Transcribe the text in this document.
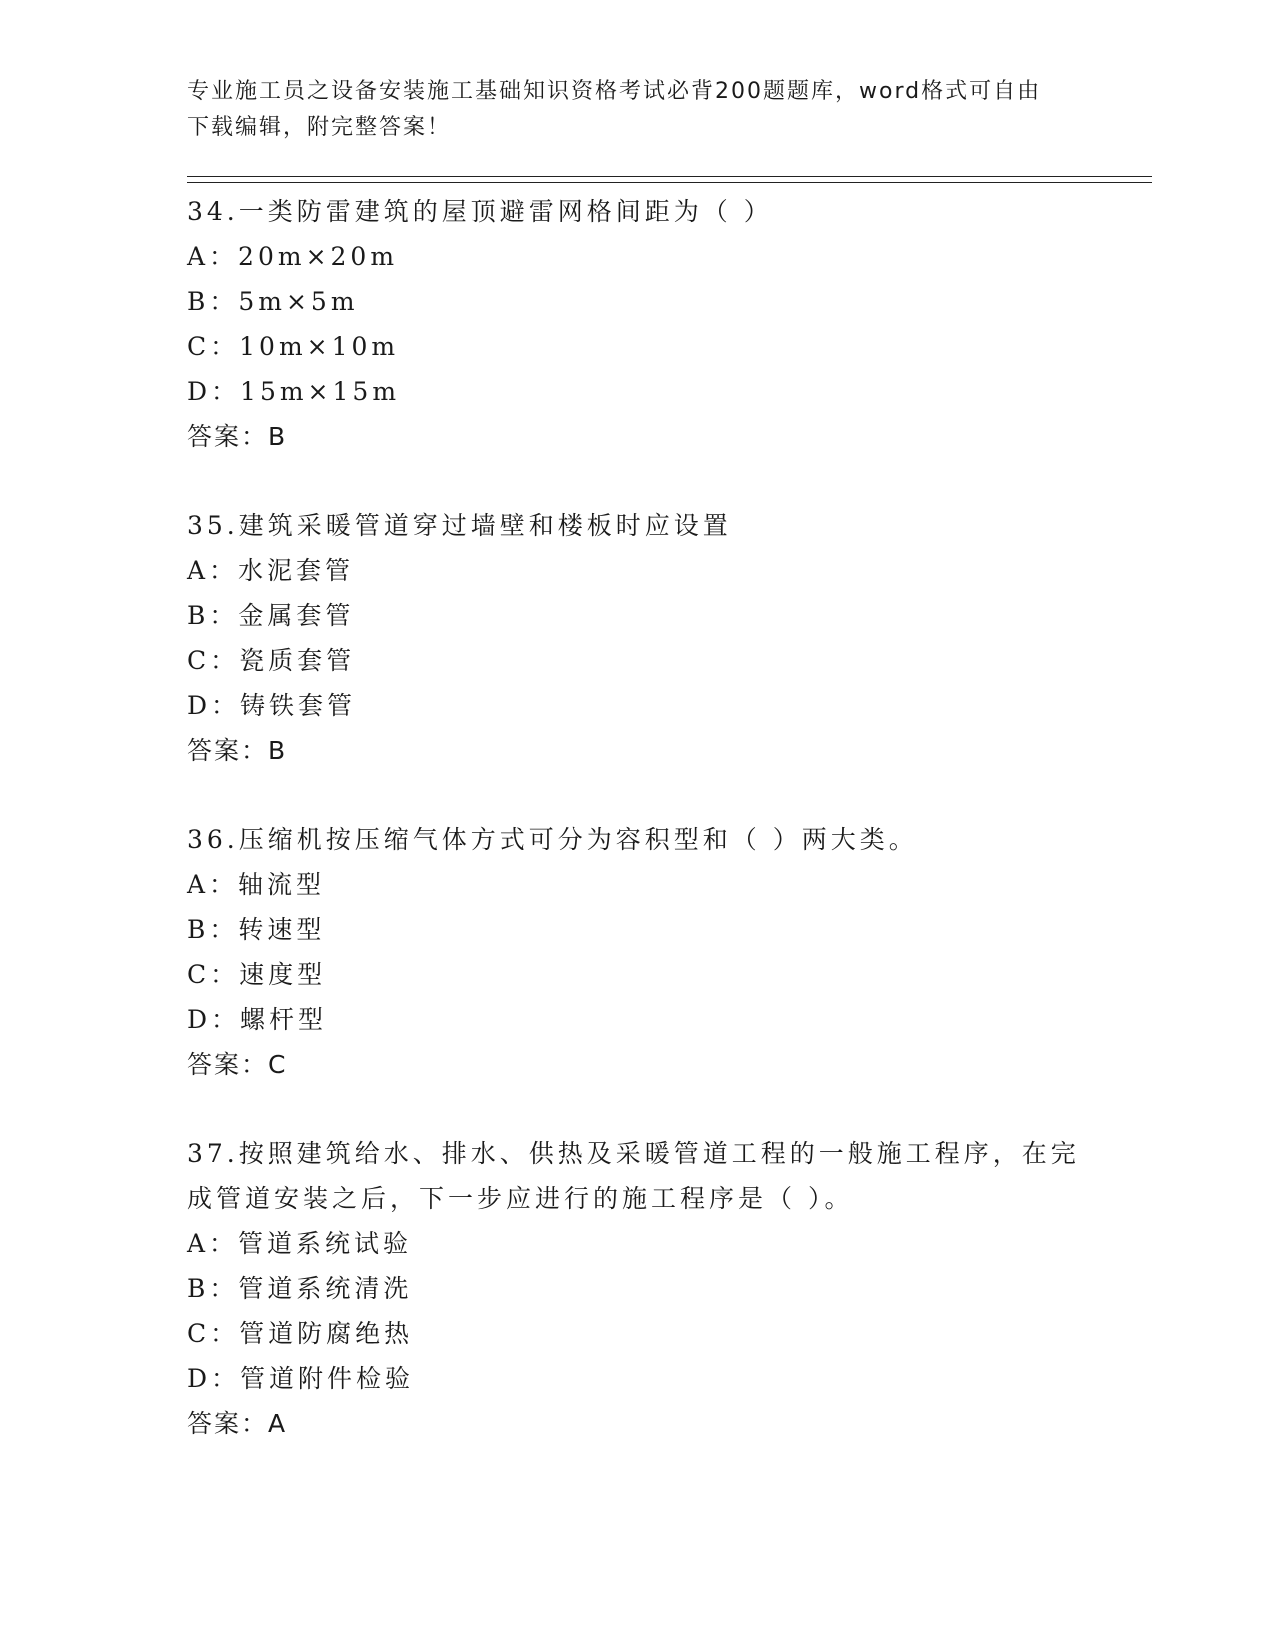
专业施工员之设备安装施工基础知识资格考试必背200题题库，word格式可自由
下载编辑，附完整答案！

34.一类防雷建筑的屋顶避雷网格间距为（ ）

A：20m×20m

B：5m×5m

C：10m×10m

D：15m×15m

答案：B

35.建筑采暖管道穿过墙壁和楼板时应设置

A：水泥套管

B：金属套管

C：瓷质套管

D：铸铁套管

答案：B

36.压缩机按压缩气体方式可分为容积型和（ ）两大类。

A：轴流型

B：转速型

C：速度型

D：螺杆型

答案：C

37.按照建筑给水、排水、供热及采暖管道工程的一般施工程序，在完

成管道安装之后，下一步应进行的施工程序是（ ）。

A：管道系统试验

B：管道系统清洗

C：管道防腐绝热

D：管道附件检验

答案：A
